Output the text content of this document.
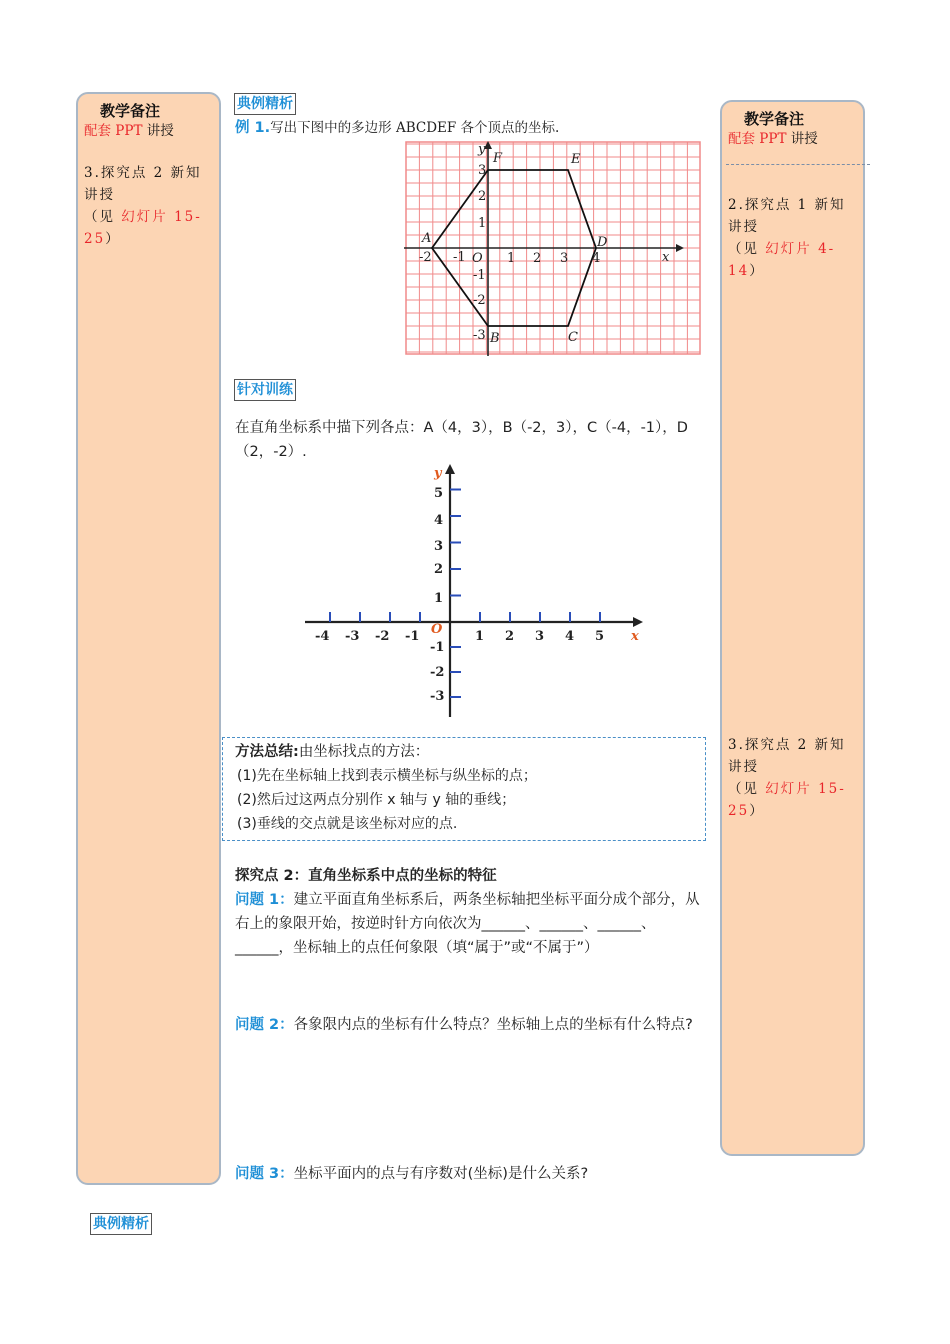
教学备注
配套 PPT 讲授
3.探究点 2 新知讲授
（见 幻灯片 15-25）
教学备注
配套 PPT 讲授
2.探究点 1 新知讲授
（见 幻灯片 4-14）
3.探究点 2 新知讲授
（见 幻灯片 15-25）
典例精析
例 1.写出下图中的多边形 ABCDEF 各个顶点的坐标.
-2 -1	1 2 3 4
3
2
1
-1
-2
-3
O	x
y
A
B	C
D
E
F
针对训练
在直角坐标系中描下列各点：A（4，3），B（-2，3），C（-4，-1），D（2，-2）.
-4 -3 -2 -1	1 2 3 4 5
5
4
3
2
1
-1
-2
-3
O	x
y
方法总结:由坐标找点的方法：
(1)先在坐标轴上找到表示横坐标与纵坐标的点；
(2)然后过这两点分别作 x 轴与 y 轴的垂线；
(3)垂线的交点就是该坐标对应的点.
探究点 2：直角坐标系中点的坐标的特征
问题 1：建立平面直角坐标系后，两条坐标轴把坐标平面分成个部分，从右上的象限开始，按逆时针方向依次为______、______、______、______，坐标轴上的点任何象限（填“属于”或“不属于”）
问题 2：各象限内点的坐标有什么特点？坐标轴上点的坐标有什么特点?
问题 3：坐标平面内的点与有序数对(坐标)是什么关系?
典例精析
